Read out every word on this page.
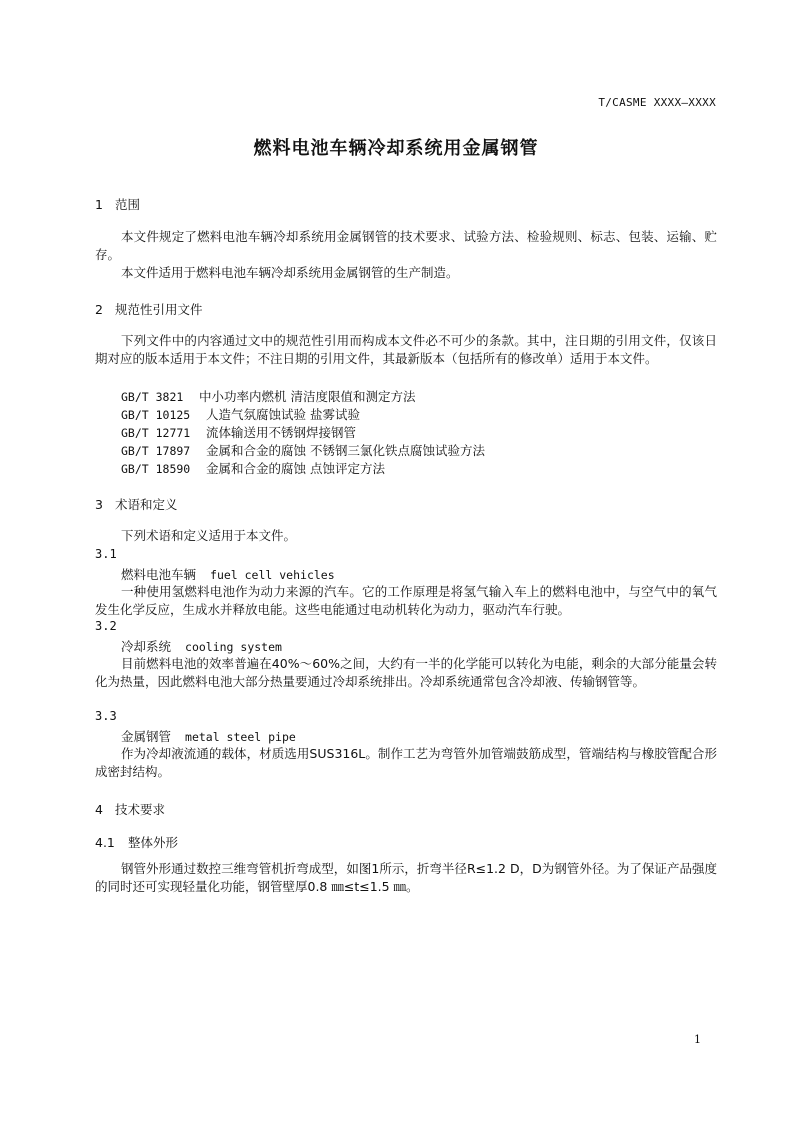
T/CASME XXXX—XXXX
燃料电池车辆冷却系统用金属钢管
1 范围

本文件规定了燃料电池车辆冷却系统用金属钢管的技术要求、试验方法、检验规则、标志、包装、运输、贮存。

本文件适用于燃料电池车辆冷却系统用金属钢管的生产制造。

2 规范性引用文件

下列文件中的内容通过文中的规范性引用而构成本文件必不可少的条款。其中，注日期的引用文件，仅该日期对应的版本适用于本文件；不注日期的引用文件，其最新版本（包括所有的修改单）适用于本文件。

GB/T 3821 中小功率内燃机 清洁度限值和测定方法
GB/T 10125 人造气氛腐蚀试验 盐雾试验
GB/T 12771 流体输送用不锈钢焊接钢管
GB/T 17897 金属和合金的腐蚀 不锈钢三氯化铁点腐蚀试验方法
GB/T 18590 金属和合金的腐蚀 点蚀评定方法
3 术语和定义

下列术语和定义适用于本文件。

3.1
燃料电池车辆 fuel cell vehicles

一种使用氢燃料电池作为动力来源的汽车。它的工作原理是将氢气输入车上的燃料电池中，与空气中的氧气发生化学反应，生成水并释放电能。这些电能通过电动机转化为动力，驱动汽车行驶。

3.2
冷却系统 cooling system

目前燃料电池的效率普遍在40%～60%之间，大约有一半的化学能可以转化为电能，剩余的大部分能量会转化为热量，因此燃料电池大部分热量要通过冷却系统排出。冷却系统通常包含冷却液、传输钢管等。

3.3
金属钢管 metal steel pipe

作为冷却液流通的载体，材质选用SUS316L。制作工艺为弯管外加管端鼓筋成型，管端结构与橡胶管配合形成密封结构。

4 技术要求
4.1 整体外形

钢管外形通过数控三维弯管机折弯成型，如图1所示，折弯半径R≤1.2 D，D为钢管外径。为了保证产品强度的同时还可实现轻量化功能，钢管壁厚0.8 ㎜≤t≤1.5 ㎜。

1
